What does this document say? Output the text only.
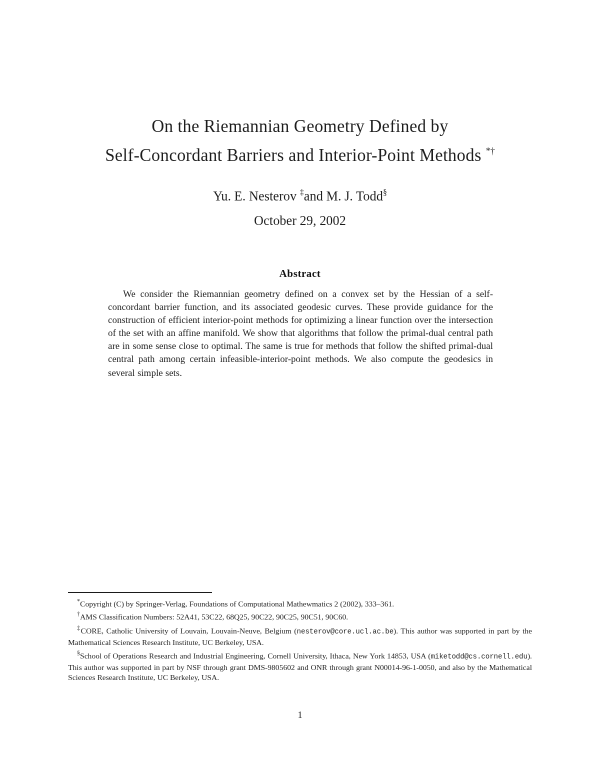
On the Riemannian Geometry Defined by
Self-Concordant Barriers and Interior-Point Methods *†
Yu. E. Nesterov ‡and M. J. Todd§
October 29, 2002
Abstract
We consider the Riemannian geometry defined on a convex set by the Hessian of a self-concordant barrier function, and its associated geodesic curves. These provide guidance for the construction of efficient interior-point methods for optimizing a linear function over the intersection of the set with an affine manifold. We show that algorithms that follow the primal-dual central path are in some sense close to optimal. The same is true for methods that follow the shifted primal-dual central path among certain infeasible-interior-point methods. We also compute the geodesics in several simple sets.

*Copyright (C) by Springer-Verlag, Foundations of Computational Mathewmatics 2 (2002), 333–361.

†AMS Classification Numbers: 52A41, 53C22, 68Q25, 90C22, 90C25, 90C51, 90C60.

‡CORE, Catholic University of Louvain, Louvain-Neuve, Belgium (nesterov@core.ucl.ac.be). This author was supported in part by the Mathematical Sciences Research Institute, UC Berkeley, USA.

§School of Operations Research and Industrial Engineering, Cornell University, Ithaca, New York 14853, USA (miketodd@cs.cornell.edu). This author was supported in part by NSF through grant DMS-9805602 and ONR through grant N00014-96-1-0050, and also by the Mathematical Sciences Research Institute, UC Berkeley, USA.

1
